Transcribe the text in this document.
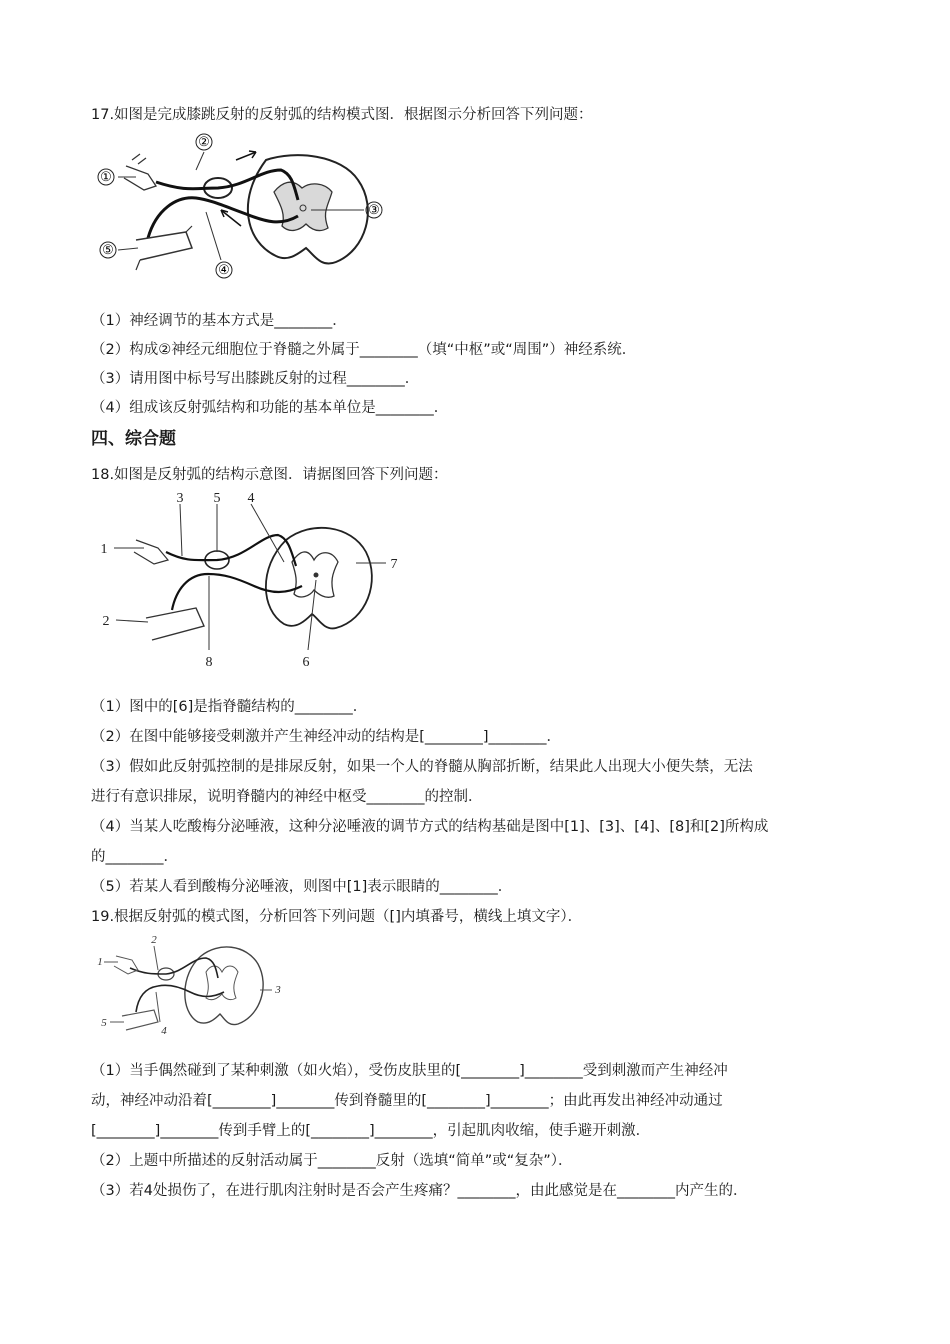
17.如图是完成膝跳反射的反射弧的结构模式图．根据图示分析回答下列问题：
①
②
③
④
⑤
（1）神经调节的基本方式是________．
（2）构成②神经元细胞位于脊髓之外属于________（填“中枢”或“周围”）神经系统．
（3）请用图中标号写出膝跳反射的过程________．
（4）组成该反射弧结构和功能的基本单位是________．
四、综合题
18.如图是反射弧的结构示意图．请据图回答下列问题：
1
2
3	4
5
6
7
8
（1）图中的[6]是指脊髓结构的________．
（2）在图中能够接受刺激并产生神经冲动的结构是[________]________．
（3）假如此反射弧控制的是排尿反射，如果一个人的脊髓从胸部折断，结果此人出现大小便失禁，无法
进行有意识排尿，说明脊髓内的神经中枢受________的控制．
（4）当某人吃酸梅分泌唾液，这种分泌唾液的调节方式的结构基础是图中[1]、[3]、[4]、[8]和[2]所构成
的________．
（5）若某人看到酸梅分泌唾液，则图中[1]表示眼睛的________．
19.根据反射弧的模式图，分析回答下列问题（[]内填番号，横线上填文字）．
1
2
3
4
5
（1）当手偶然碰到了某种刺激（如火焰），受伤皮肤里的[________]________受到刺激而产生神经冲
动，神经冲动沿着[________]________传到脊髓里的[________]________；由此再发出神经冲动通过
[________]________传到手臂上的[________]________，引起肌肉收缩，使手避开刺激．
（2）上题中所描述的反射活动属于________反射（选填“简单”或“复杂”）．
（3）若4处损伤了，在进行肌肉注射时是否会产生疼痛？________，由此感觉是在________内产生的．
